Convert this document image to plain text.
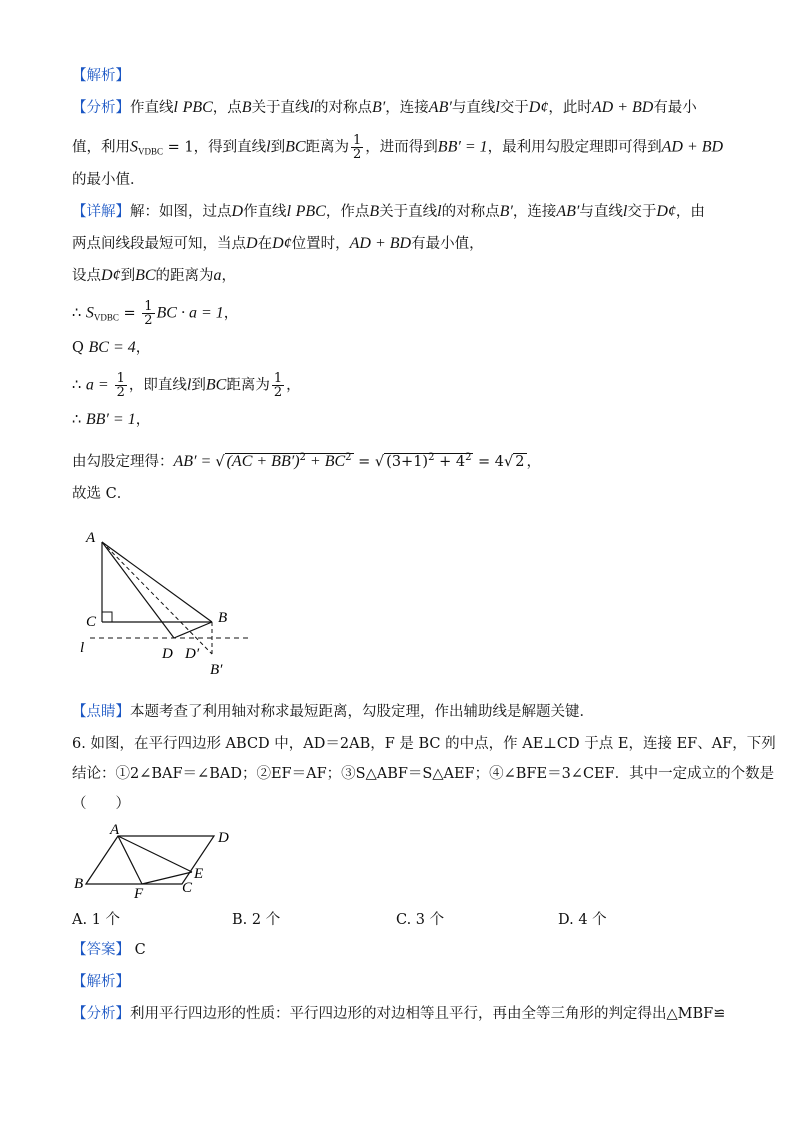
【解析】
【分析】作直线l PBC，点B关于直线l的对称点B′，连接AB′与直线l交于D¢，此时AD + BD有最小
值，利用$S_{VDBC} = 1$，得到直线l到BC距离为 $\frac{1}{2}$ ，进而得到BB′ = 1，最利用勾股定理即可得到AD + BD
的最小值．
【详解】解：如图，过点D作直线l PBC，作点B关于直线l的对称点B′，连接AB′与直线l交于D¢，由
两点间线段最短可知，当点D在D¢位置时，AD + BD有最小值，
设点D¢到BC的距离为a，
∴ $S_{VDBC} = \frac{1}{2}$ BC · a = 1，
Q BC = 4，
∴ $a = \frac{1}{2}$ ，即直线l到BC距离为 $\frac{1}{2}$ ，
∴ BB′ = 1，
由勾股定理得：AB′ = √ $(AC + BB')^2 + BC^2$ = √ $(3+1)^2 + 4^2 = 4√$ 2 ，
故选 C．
A
C	B
D D′
B′
l
【点睛】本题考查了利用轴对称求最短距离，勾股定理，作出辅助线是解题关键．
6. 如图，在平行四边形 ABCD 中，AD＝2AB，F 是 BC 的中点，作 AE⊥CD 于点 E，连接 EF、AF，下列
结论：①2∠BAF＝∠BAD；②EF＝AF；③S△ABF＝S△AEF；④∠BFE＝3∠CEF．其中一定成立的个数是
（　　）
A	D
B	C
E
F
A. 1 个	B. 2 个	C. 3 个	D. 4 个
【答案】 C
【解析】
【分析】利用平行四边形的性质：平行四边形的对边相等且平行，再由全等三角形的判定得出△MBF≌
